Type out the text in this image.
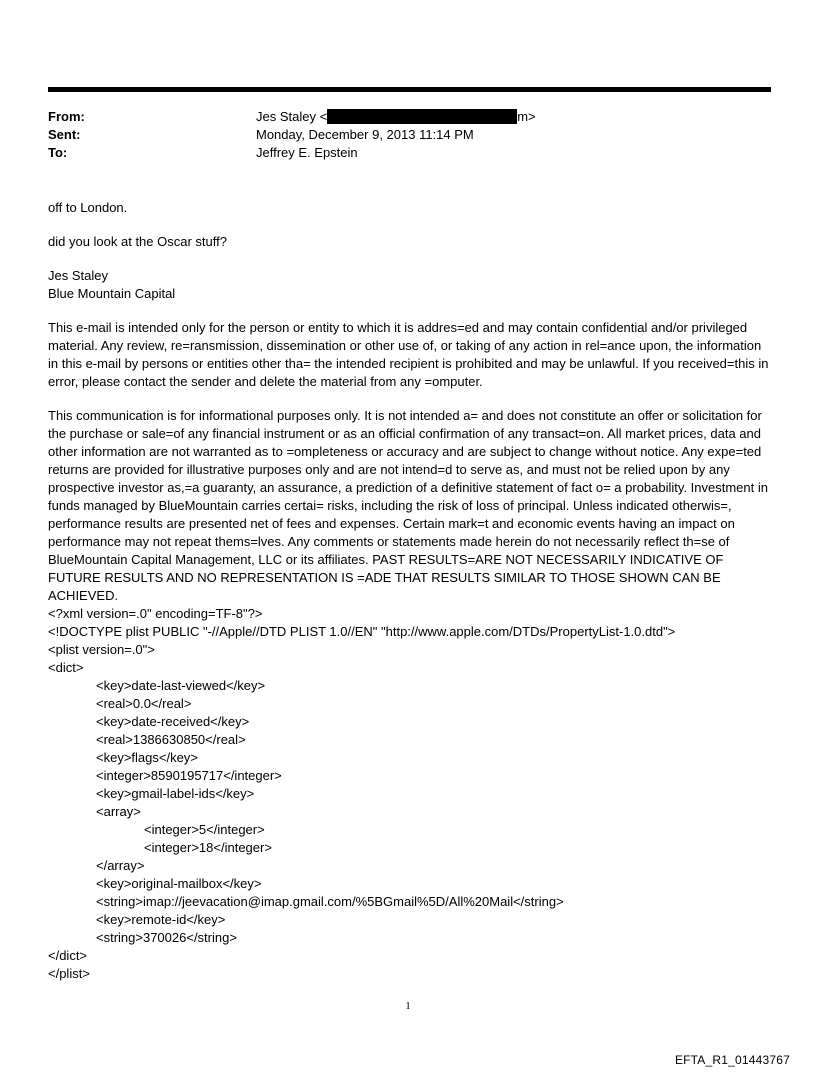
From:	Jes Staley <	m>
Sent:	Monday, December 9, 2013 11:14 PM
To:	Jeffrey E. Epstein

off to London.

did you look at the Oscar stuff?

Jes Staley

Blue Mountain Capital

This e-mail is intended only for the person or entity to which it is addres=ed and may contain confidential and/or privileged material. Any review, re=ransmission, dissemination or other use of, or taking of any action in rel=ance upon, the information in this e-mail by persons or entities other tha= the intended recipient is prohibited and may be unlawful. If you received=this in error, please contact the sender and delete the material from any =omputer.

This communication is for informational purposes only. It is not intended a= and does not constitute an offer or solicitation for the purchase or sale=of any financial instrument or as an official confirmation of any transact=on. All market prices, data and other information are not warranted as to =ompleteness or accuracy and are subject to change without notice. Any expe=ted returns are provided for illustrative purposes only and are not intend=d to serve as, and must not be relied upon by any prospective investor as,=a guaranty, an assurance, a prediction of a definitive statement of fact o= a probability. Investment in funds managed by BlueMountain carries certai= risks, including the risk of loss of principal. Unless indicated otherwis=, performance results are presented net of fees and expenses. Certain mark=t and economic events having an impact on performance may not repeat thems=lves. Any comments or statements made herein do not necessarily reflect th=se of BlueMountain Capital Management, LLC or its affiliates. PAST RESULTS=ARE NOT NECESSARILY INDICATIVE OF FUTURE RESULTS AND NO REPRESENTATION IS =ADE THAT RESULTS SIMILAR TO THOSE SHOWN CAN BE ACHIEVED.

<?xml version=.0" encoding=TF-8"?>

<!DOCTYPE plist PUBLIC "-//Apple//DTD PLIST 1.0//EN" "http://www.apple.com/DTDs/PropertyList-1.0.dtd">

<plist version=.0">

<dict>

<key>date-last-viewed</key>

<real>0.0</real>

<key>date-received</key>

<real>1386630850</real>

<key>flags</key>

<integer>8590195717</integer>

<key>gmail-label-ids</key>

<array>

<integer>5</integer>

<integer>18</integer>

</array>

<key>original-mailbox</key>

<string>imap://jeevacation@imap.gmail.com/%5BGmail%5D/All%20Mail</string>

<key>remote-id</key>

<string>370026</string>

</dict>

</plist>

1
EFTA_R1_01443767
